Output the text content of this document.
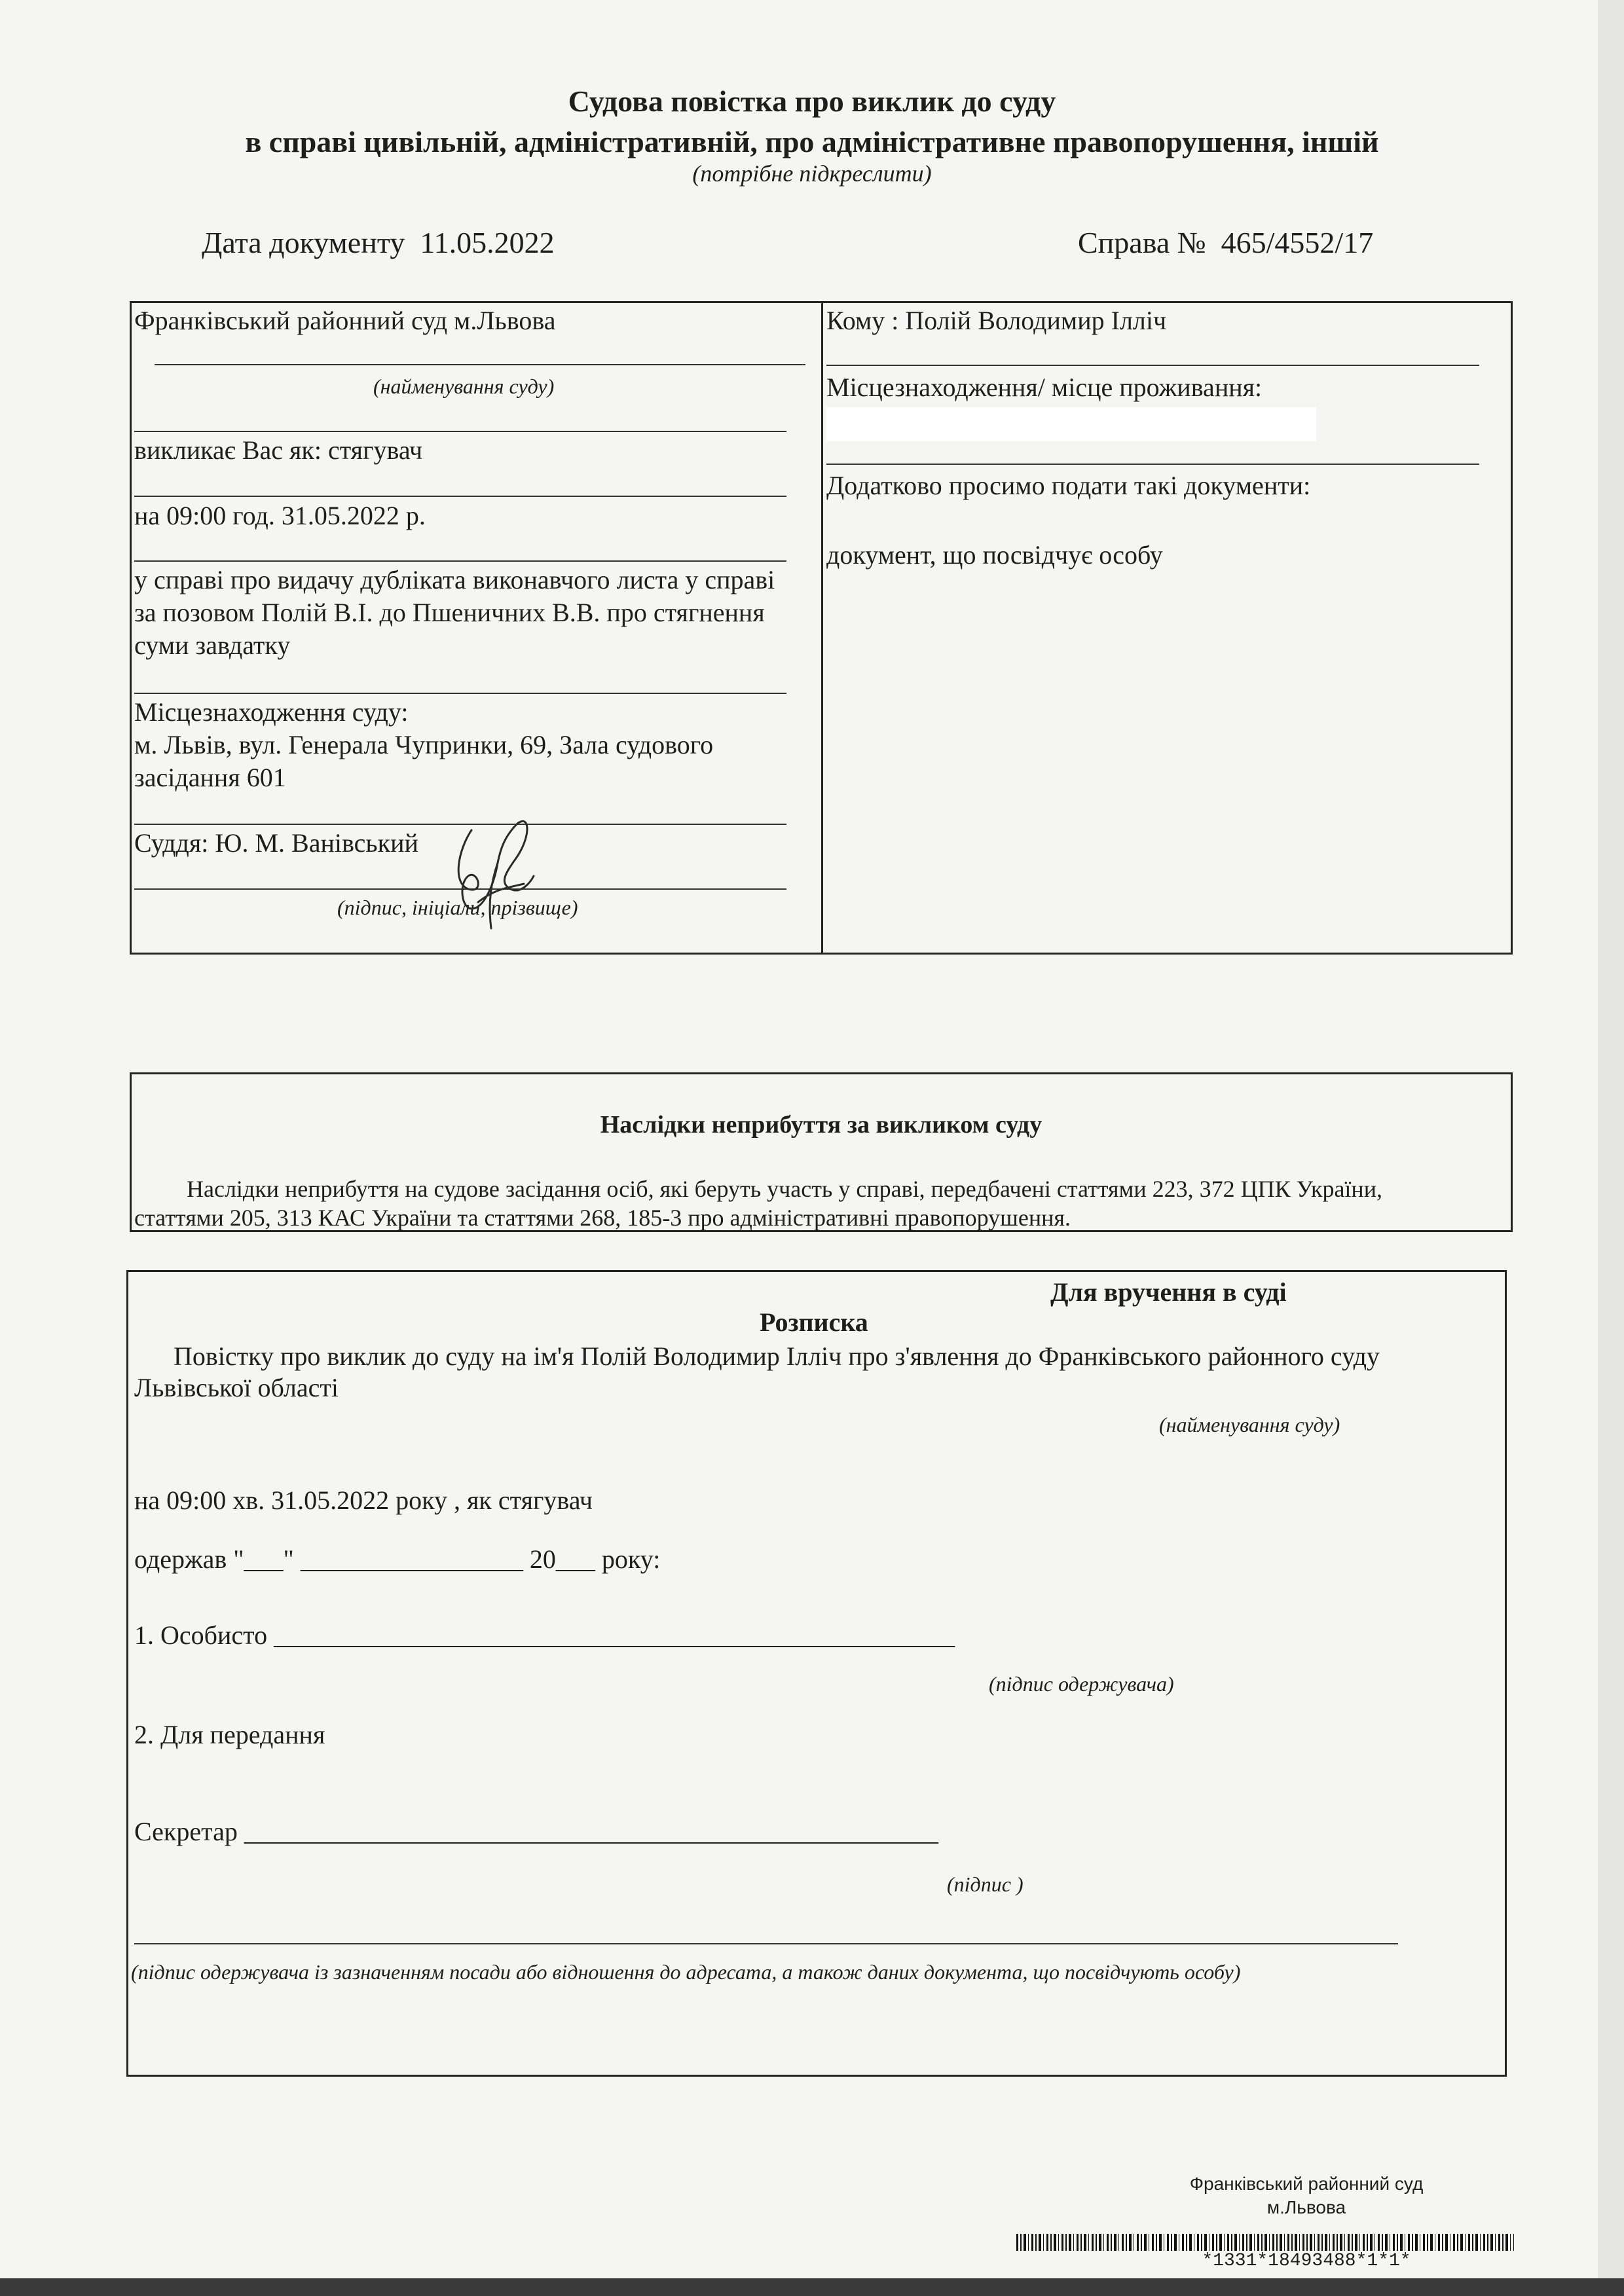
Судова повістка про виклик до суду
в справі цивільній, адміністративній, про адміністративне правопорушення, іншій
(потрібне підкреслити)
Дата документу 11.05.2022	Справа № 465/4552/17
Франківський районний суд м.Львова
(найменування суду)
викликає Вас як: стягувач
на 09:00 год. 31.05.2022 р.
у справі про видачу дубліката виконавчого листа у справі
за позовом Полій В.І. до Пшеничних В.В. про стягнення
суми завдатку
Місцезнаходження суду:
м. Львів, вул. Генерала Чупринки, 69, Зала судового
засідання 601
Суддя: Ю. М. Ванівський
(підпис, ініціали, прізвище)
Кому : Полій Володимир Ілліч
Місцезнаходження/ місце проживання:
Додатково просимо подати такі документи:
документ, що посвідчує особу
Наслідки неприбуття за викликом суду
Наслідки неприбуття на судове засідання осіб, які беруть участь у справі, передбачені статтями 223, 372 ЦПК України,
статтями 205, 313 КАС України та статтями 268, 185-3 про адміністративні правопорушення.
Для вручення в суді
Розписка
Повістку про виклик до суду на ім'я Полій Володимир Ілліч про з'явлення до Франківського районного суду
Львівської області
(найменування суду)
на 09:00 хв. 31.05.2022 року , як стягувач
одержав "___" _________________ 20___ року:
1. Особисто ____________________________________________________
(підпис одержувача)
2. Для передання
Секретар _____________________________________________________
(підпис )
(підпис одержувача із зазначенням посади або відношення до адресата, а також даних документа, що посвідчують особу)
Франківський районний суд
м.Львова
*1331*18493488*1*1*
